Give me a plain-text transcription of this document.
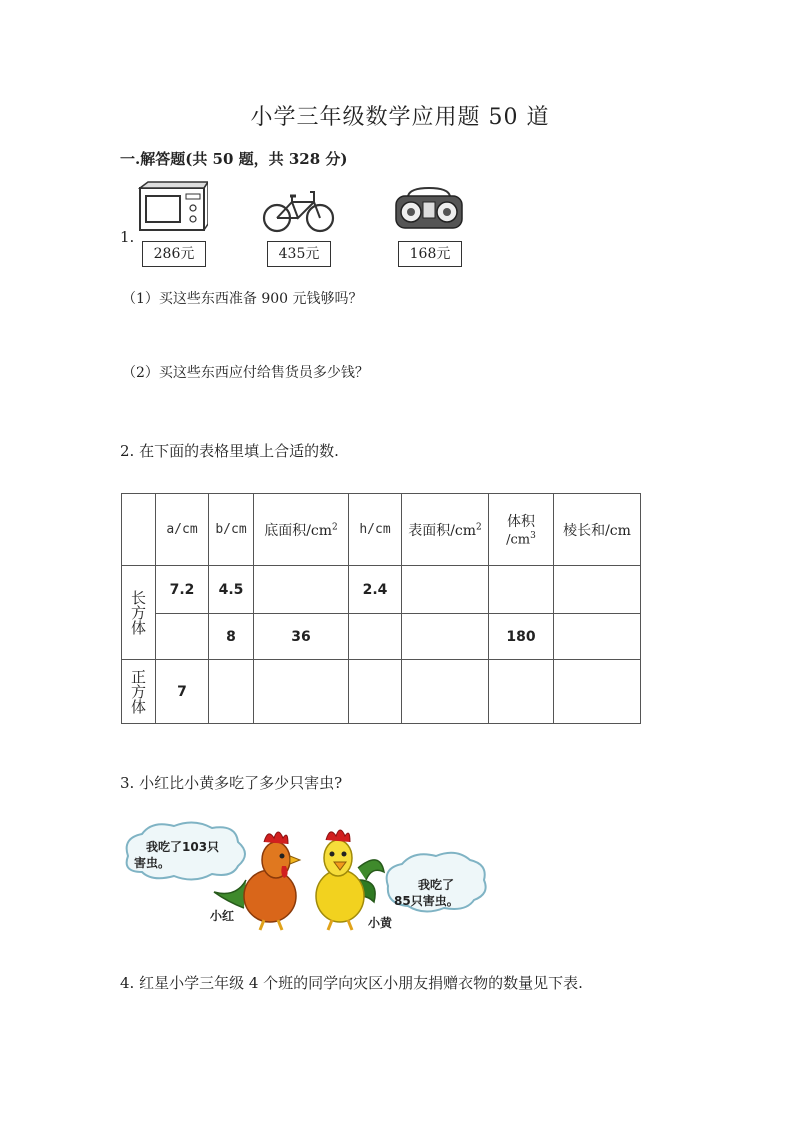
小学三年级数学应用题 50 道
一.解答题(共 50 题，共 328 分)
1.
286元	435元	168元
（1）买这些东西准备 900 元钱够吗？
（2）买这些东西应付给售货员多少钱？
2. 在下面的表格里填上合适的数.
	a/cm	b/cm	底面积$/cm^2$	h/cm	表面积$/cm^2$	体积
$/cm^3$	棱长和/cm

长方体	7.2	4.5		2.4			
		8	36			180	

正方体	7						
3. 小红比小黄多吃了多少只害虫?
我吃了103只
害虫。
我吃了
85只害虫。
小红	小黄
4. 红星小学三年级 4 个班的同学向灾区小朋友捐赠衣物的数量见下表.
